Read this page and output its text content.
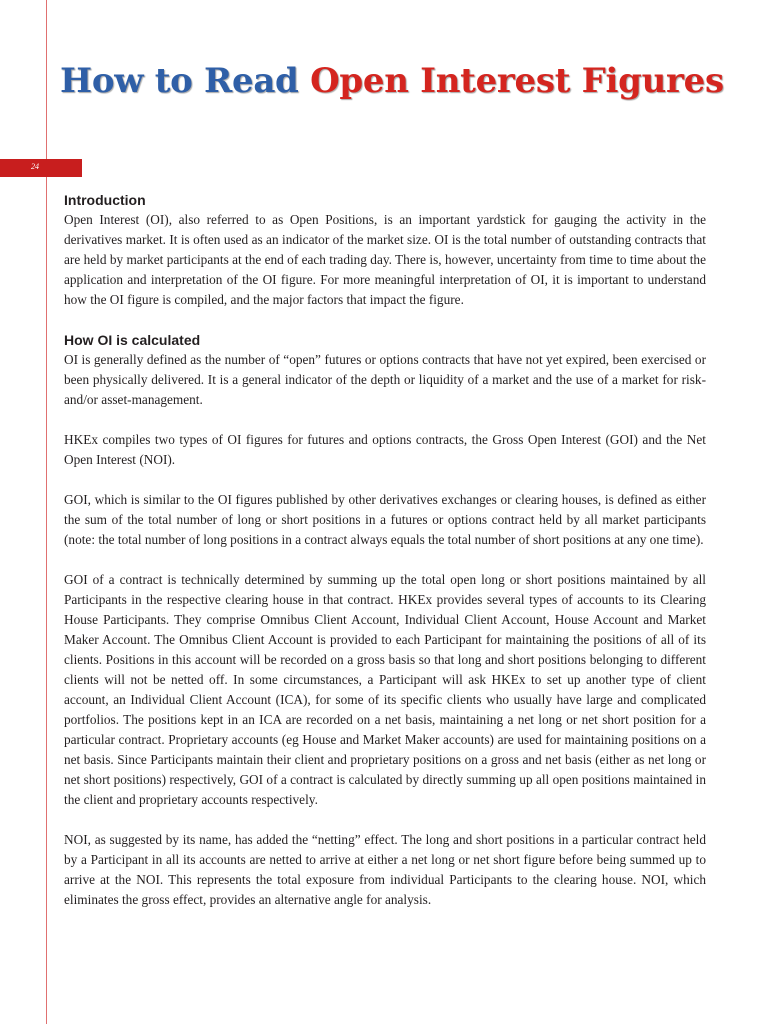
How to Read Open Interest Figures
24
Introduction

Open Interest (OI), also referred to as Open Positions, is an important yardstick for gauging the activity in the derivatives market. It is often used as an indicator of the market size. OI is the total number of outstanding contracts that are held by market participants at the end of each trading day. There is, however, uncertainty from time to time about the application and interpretation of the OI figure. For more meaningful interpretation of OI, it is important to understand how the OI figure is compiled, and the major factors that impact the figure.

How OI is calculated

OI is generally defined as the number of “open” futures or options contracts that have not yet expired, been exercised or been physically delivered. It is a general indicator of the depth or liquidity of a market and the use of a market for risk- and/or asset-management.

HKEx compiles two types of OI figures for futures and options contracts, the Gross Open Interest (GOI) and the Net Open Interest (NOI).

GOI, which is similar to the OI figures published by other derivatives exchanges or clearing houses, is defined as either the sum of the total number of long or short positions in a futures or options contract held by all market participants (note: the total number of long positions in a contract always equals the total number of short positions at any one time).

GOI of a contract is technically determined by summing up the total open long or short positions maintained by all Participants in the respective clearing house in that contract. HKEx provides several types of accounts to its Clearing House Participants. They comprise Omnibus Client Account, Individual Client Account, House Account and Market Maker Account. The Omnibus Client Account is provided to each Participant for maintaining the positions of all of its clients. Positions in this account will be recorded on a gross basis so that long and short positions belonging to different clients will not be netted off. In some circumstances, a Participant will ask HKEx to set up another type of client account, an Individual Client Account (ICA), for some of its specific clients who usually have large and complicated portfolios. The positions kept in an ICA are recorded on a net basis, maintaining a net long or net short position for a particular contract. Proprietary accounts (eg House and Market Maker accounts) are used for maintaining positions on a net basis. Since Participants maintain their client and proprietary positions on a gross and net basis (either as net long or net short positions) respectively, GOI of a contract is calculated by directly summing up all open positions maintained in the client and proprietary accounts respectively.

NOI, as suggested by its name, has added the “netting” effect. The long and short positions in a particular contract held by a Participant in all its accounts are netted to arrive at either a net long or net short figure before being summed up to arrive at the NOI. This represents the total exposure from individual Participants to the clearing house. NOI, which eliminates the gross effect, provides an alternative angle for analysis.
